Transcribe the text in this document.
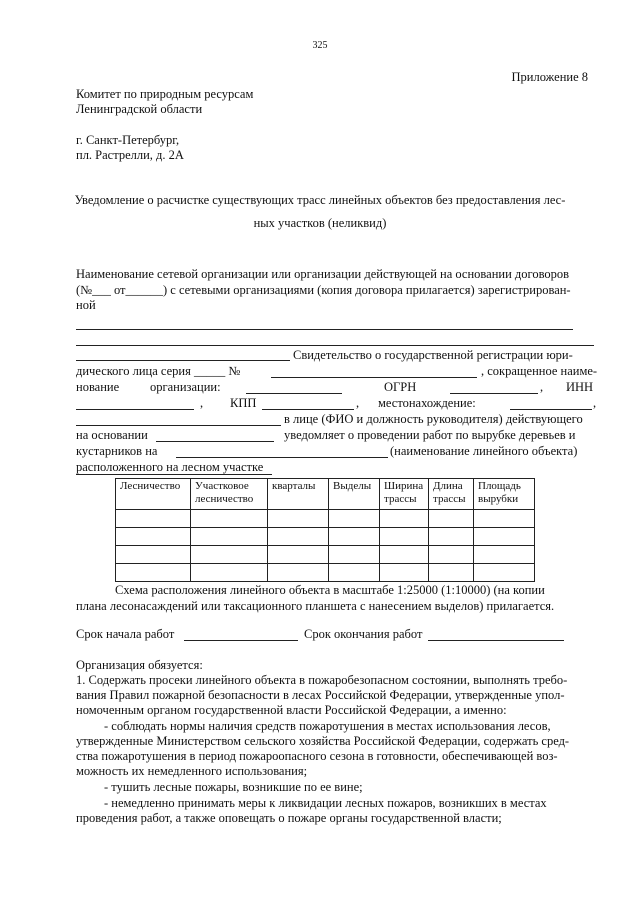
325
Приложение 8
Комитет по природным ресурсам
Ленинградской области
г. Санкт-Петербург,
пл. Растрелли, д. 2А
Уведомление о расчистке существующих трасс линейных объектов без предоставления лес-
ных участков (неликвид)
Наименование сетевой организации или организации действующей на основании договоров
(№___ от______) с сетевыми организациями (копия договора прилагается) зарегистрирован-
ной
Свидетельство о государственной регистрации юри-
дического лица серия _____ №	, сокращенное наиме-
нование организации:	ОГРН	, ИНН
, КПП	, местонахождение:	,
в лице (ФИО и должность руководителя) действующего
на основании	уведомляет о проведении работ по вырубке деревьев и
кустарников на	(наименование линейного объекта)
расположенного на лесном участке
Лесничество	Участковое лесничество	кварталы	Выделы	Ширина трассы	Длина трассы	Площадь вырубки

Схема расположения линейного объекта в масштабе 1:25000 (1:10000) (на копии
плана лесонасаждений или таксационного планшета с нанесением выделов) прилагается.
Срок начала работ	Срок окончания работ
Организация обязуется:
1. Содержать просеки линейного объекта в пожаробезопасном состоянии, выполнять требо-
вания Правил пожарной безопасности в лесах Российской Федерации, утвержденные упол-
номоченным органом государственной власти Российской Федерации, а именно:
- соблюдать нормы наличия средств пожаротушения в местах использования лесов,
утвержденные Министерством сельского хозяйства Российской Федерации, содержать сред-
ства пожаротушения в период пожароопасного сезона в готовности, обеспечивающей воз-
можность их немедленного использования;
- тушить лесные пожары, возникшие по ее вине;
- немедленно принимать меры к ликвидации лесных пожаров, возникших в местах
проведения работ, а также оповещать о пожаре органы государственной власти;
